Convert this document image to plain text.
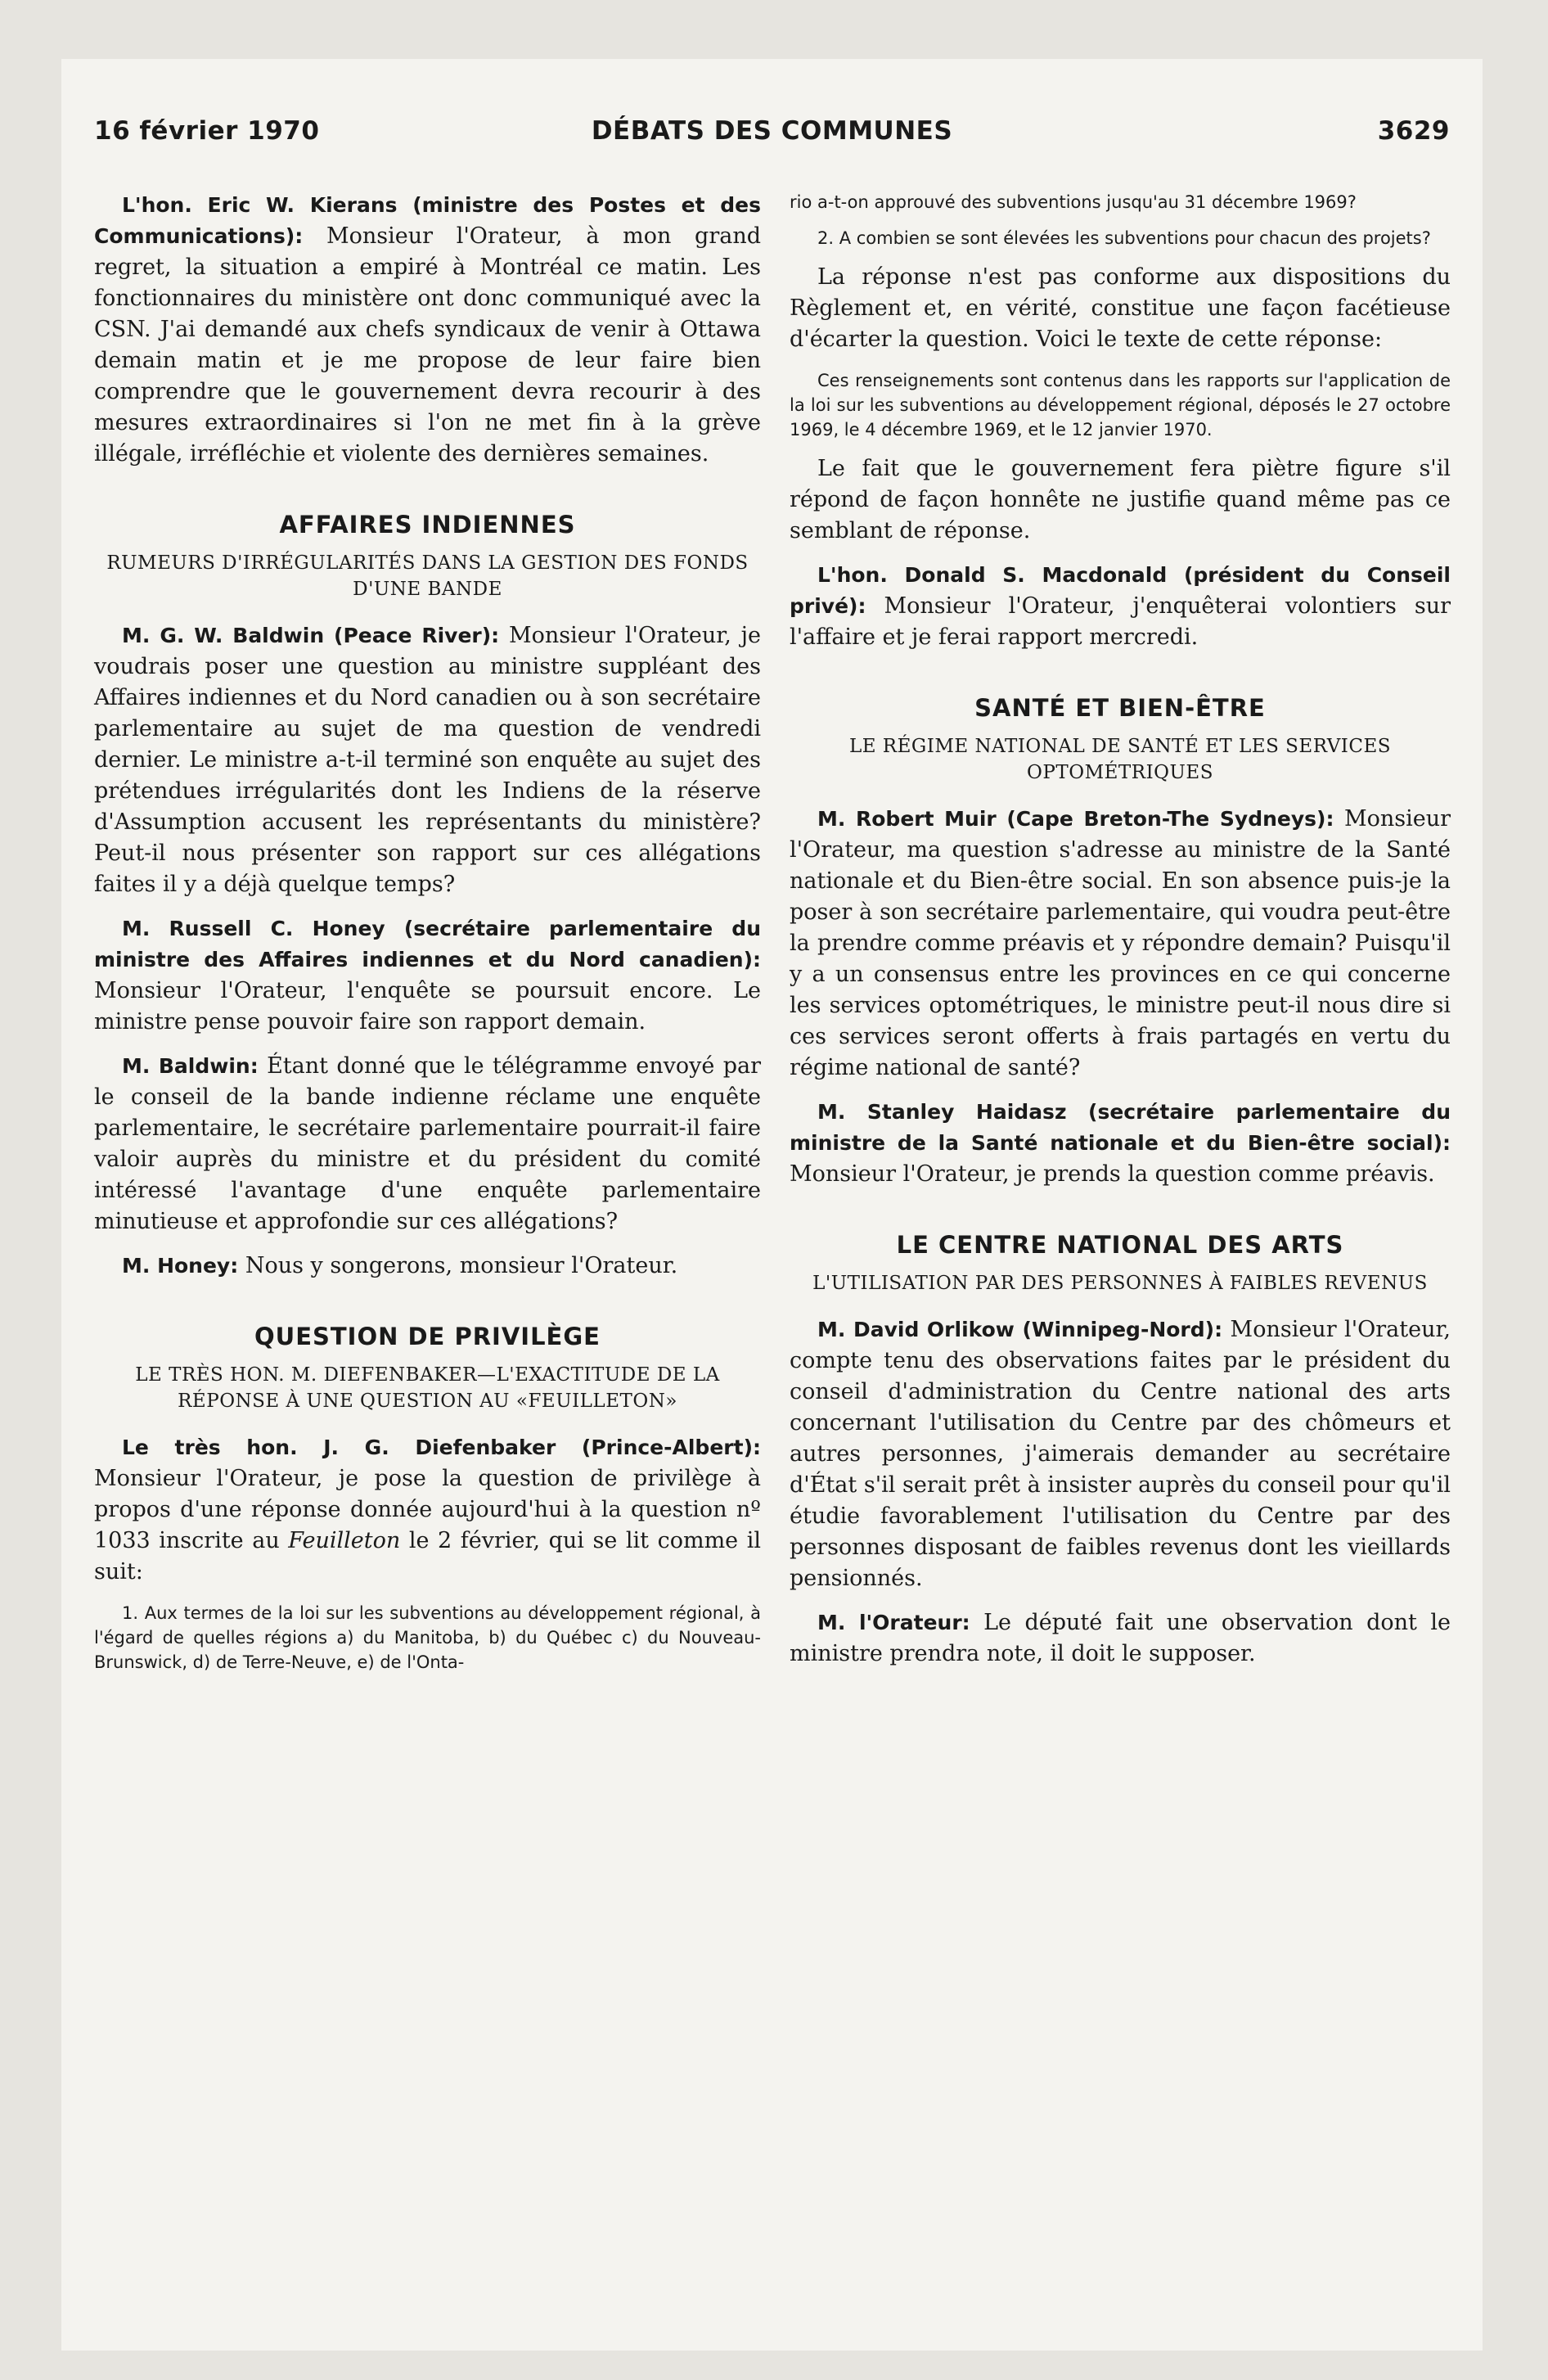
16 février 1970	DÉBATS DES COMMUNES	3629

L'hon. Eric W. Kierans (ministre des Postes et des Communications): Monsieur l'Orateur, à mon grand regret, la situation a empiré à Montréal ce matin. Les fonctionnaires du ministère ont donc communiqué avec la CSN. J'ai demandé aux chefs syndicaux de venir à Ottawa demain matin et je me propose de leur faire bien comprendre que le gouvernement devra recourir à des mesures extraordinaires si l'on ne met fin à la grève illégale, irréfléchie et violente des dernières semaines.

AFFAIRES INDIENNES
RUMEURS D'IRRÉGULARITÉS DANS LA GESTION DES FONDS D'UNE BANDE

M. G. W. Baldwin (Peace River): Monsieur l'Orateur, je voudrais poser une question au ministre suppléant des Affaires indiennes et du Nord canadien ou à son secrétaire parlementaire au sujet de ma question de vendredi dernier. Le ministre a-t-il terminé son enquête au sujet des prétendues irrégularités dont les Indiens de la réserve d'Assumption accusent les représentants du ministère? Peut-il nous présenter son rapport sur ces allégations faites il y a déjà quelque temps?

M. Russell C. Honey (secrétaire parlementaire du ministre des Affaires indiennes et du Nord canadien): Monsieur l'Orateur, l'enquête se poursuit encore. Le ministre pense pouvoir faire son rapport demain.

M. Baldwin: Étant donné que le télégramme envoyé par le conseil de la bande indienne réclame une enquête parlementaire, le secrétaire parlementaire pourrait-il faire valoir auprès du ministre et du président du comité intéressé l'avantage d'une enquête parlementaire minutieuse et approfondie sur ces allégations?

M. Honey: Nous y songerons, monsieur l'Orateur.

QUESTION DE PRIVILÈGE
LE TRÈS HON. M. DIEFENBAKER—L'EXACTITUDE DE LA RÉPONSE À UNE QUESTION AU «FEUILLETON»

Le très hon. J. G. Diefenbaker (Prince-Albert): Monsieur l'Orateur, je pose la question de privilège à propos d'une réponse donnée aujourd'hui à la question nº 1033 inscrite au Feuilleton le 2 février, qui se lit comme il suit:

1. Aux termes de la loi sur les subventions au développement régional, à l'égard de quelles régions a) du Manitoba, b) du Québec c) du Nouveau-Brunswick, d) de Terre-Neuve, e) de l'Onta-

rio a-t-on approuvé des subventions jusqu'au 31 décembre 1969?

2. A combien se sont élevées les subventions pour chacun des projets?

La réponse n'est pas conforme aux dispositions du Règlement et, en vérité, constitue une façon facétieuse d'écarter la question. Voici le texte de cette réponse:

Ces renseignements sont contenus dans les rapports sur l'application de la loi sur les subventions au développement régional, déposés le 27 octobre 1969, le 4 décembre 1969, et le 12 janvier 1970.

Le fait que le gouvernement fera piètre figure s'il répond de façon honnête ne justifie quand même pas ce semblant de réponse.

L'hon. Donald S. Macdonald (président du Conseil privé): Monsieur l'Orateur, j'enquêterai volontiers sur l'affaire et je ferai rapport mercredi.

SANTÉ ET BIEN-ÊTRE
LE RÉGIME NATIONAL DE SANTÉ ET LES SERVICES OPTOMÉTRIQUES

M. Robert Muir (Cape Breton-The Sydneys): Monsieur l'Orateur, ma question s'adresse au ministre de la Santé nationale et du Bien-être social. En son absence puis-je la poser à son secrétaire parlementaire, qui voudra peut-être la prendre comme préavis et y répondre demain? Puisqu'il y a un consensus entre les provinces en ce qui concerne les services optométriques, le ministre peut-il nous dire si ces services seront offerts à frais partagés en vertu du régime national de santé?

M. Stanley Haidasz (secrétaire parlementaire du ministre de la Santé nationale et du Bien-être social): Monsieur l'Orateur, je prends la question comme préavis.

LE CENTRE NATIONAL DES ARTS
L'UTILISATION PAR DES PERSONNES À FAIBLES REVENUS

M. David Orlikow (Winnipeg-Nord): Monsieur l'Orateur, compte tenu des observations faites par le président du conseil d'administration du Centre national des arts concernant l'utilisation du Centre par des chômeurs et autres personnes, j'aimerais demander au secrétaire d'État s'il serait prêt à insister auprès du conseil pour qu'il étudie favorablement l'utilisation du Centre par des personnes disposant de faibles revenus dont les vieillards pensionnés.

M. l'Orateur: Le député fait une observation dont le ministre prendra note, il doit le supposer.
